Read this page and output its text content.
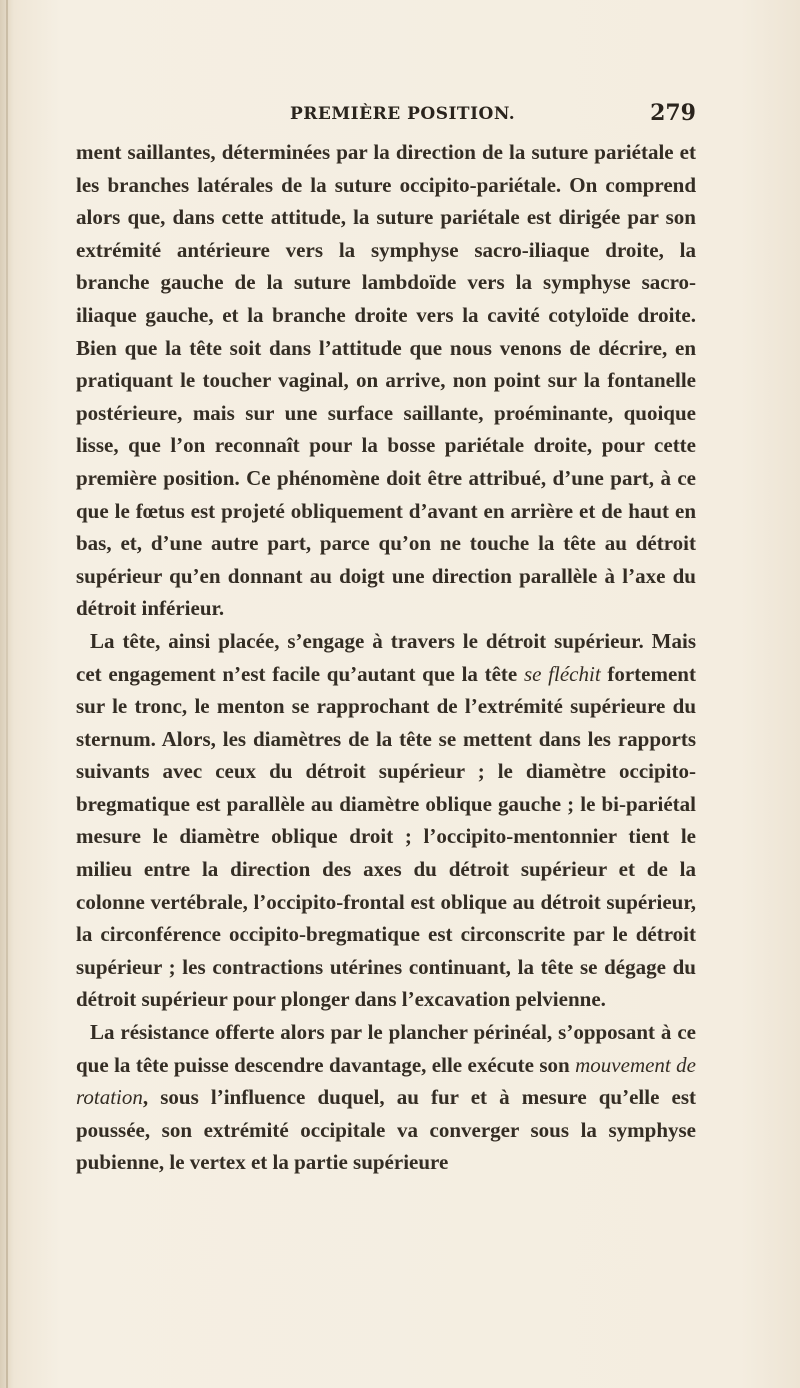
PREMIÈRE POSITION.	279

ment saillantes, déterminées par la direction de la suture pariétale et les branches latérales de la suture occipito-pariétale. On comprend alors que, dans cette attitude, la suture pariétale est dirigée par son extrémité antérieure vers la symphyse sacro-iliaque droite, la branche gauche de la suture lambdoïde vers la symphyse sacro-iliaque gauche, et la branche droite vers la cavité cotyloïde droite. Bien que la tête soit dans l’attitude que nous venons de décrire, en pratiquant le toucher vaginal, on arrive, non point sur la fontanelle postérieure, mais sur une surface saillante, proéminante, quoique lisse, que l’on reconnaît pour la bosse pariétale droite, pour cette première position. Ce phénomène doit être attribué, d’une part, à ce que le fœtus est projeté obliquement d’avant en arrière et de haut en bas, et, d’une autre part, parce qu’on ne touche la tête au détroit supérieur qu’en donnant au doigt une direction parallèle à l’axe du détroit inférieur.

La tête, ainsi placée, s’engage à travers le détroit supérieur. Mais cet engagement n’est facile qu’autant que la tête se fléchit fortement sur le tronc, le menton se rapprochant de l’extrémité supérieure du sternum. Alors, les diamètres de la tête se mettent dans les rapports suivants avec ceux du détroit supérieur ; le diamètre occipito-bregmatique est parallèle au diamètre oblique gauche ; le bi-pariétal mesure le diamètre oblique droit ; l’occipito-mentonnier tient le milieu entre la direction des axes du détroit supérieur et de la colonne vertébrale, l’occipito-frontal est oblique au détroit supérieur, la circonférence occipito-bregmatique est circonscrite par le détroit supérieur ; les contractions utérines continuant, la tête se dégage du détroit supérieur pour plonger dans l’excavation pelvienne.

La résistance offerte alors par le plancher périnéal, s’opposant à ce que la tête puisse descendre davantage, elle exécute son mouvement de rotation, sous l’influence duquel, au fur et à mesure qu’elle est poussée, son extrémité occipitale va converger sous la symphyse pubienne, le vertex et la partie supérieure
